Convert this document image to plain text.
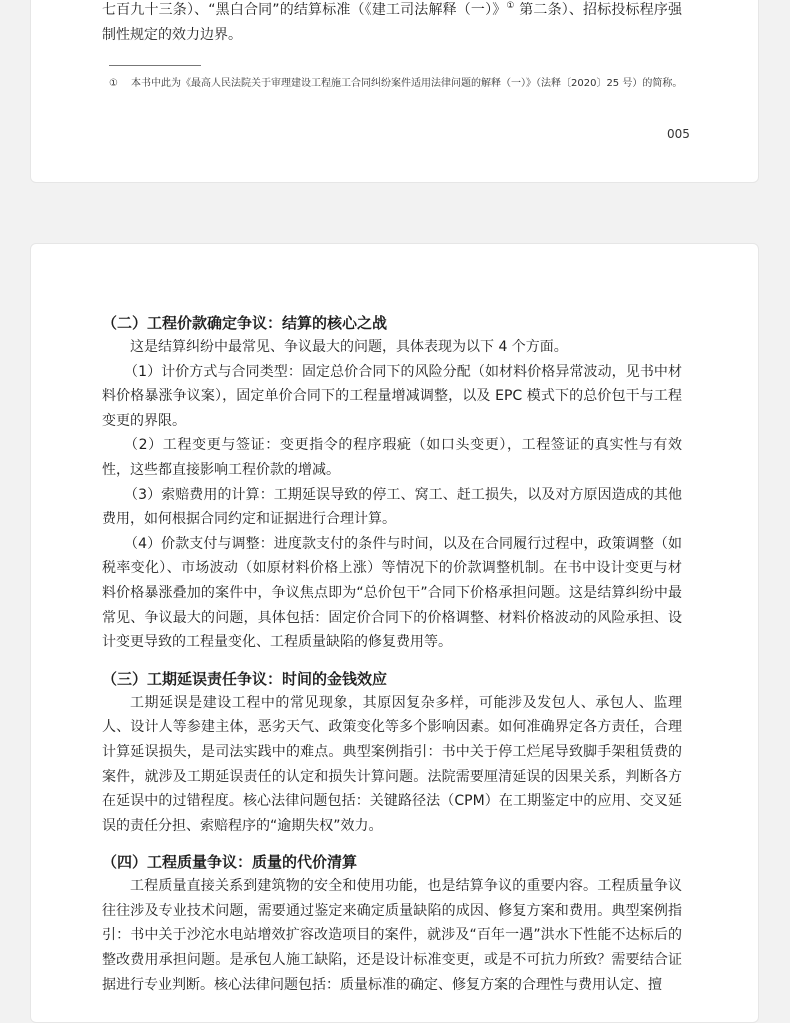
七百九十三条）、“黑白合同”的结算标准（《建工司法解释（一）》① 第二条）、招标投标程序强制性规定的效力边界。

① 本书中此为《最高人民法院关于审理建设工程施工合同纠纷案件适用法律问题的解释（一）》（法释〔2020〕25 号）的简称。
005
（二）工程价款确定争议：结算的核心之战

这是结算纠纷中最常见、争议最大的问题，具体表现为以下 4 个方面。

（1）计价方式与合同类型：固定总价合同下的风险分配（如材料价格异常波动，见书中材料价格暴涨争议案），固定单价合同下的工程量增减调整，以及 EPC 模式下的总价包干与工程变更的界限。

（2）工程变更与签证：变更指令的程序瑕疵（如口头变更），工程签证的真实性与有效性，这些都直接影响工程价款的增减。

（3）索赔费用的计算：工期延误导致的停工、窝工、赶工损失，以及对方原因造成的其他费用，如何根据合同约定和证据进行合理计算。

（4）价款支付与调整：进度款支付的条件与时间，以及在合同履行过程中，政策调整（如税率变化）、市场波动（如原材料价格上涨）等情况下的价款调整机制。在书中设计变更与材料价格暴涨叠加的案件中，争议焦点即为“总价包干”合同下价格承担问题。这是结算纠纷中最常见、争议最大的问题，具体包括：固定价合同下的价格调整、材料价格波动的风险承担、设计变更导致的工程量变化、工程质量缺陷的修复费用等。

（三）工期延误责任争议：时间的金钱效应

工期延误是建设工程中的常见现象，其原因复杂多样，可能涉及发包人、承包人、监理人、设计人等参建主体，恶劣天气、政策变化等多个影响因素。如何准确界定各方责任，合理计算延误损失，是司法实践中的难点。典型案例指引：书中关于停工烂尾导致脚手架租赁费的案件，就涉及工期延误责任的认定和损失计算问题。法院需要厘清延误的因果关系，判断各方在延误中的过错程度。核心法律问题包括：关键路径法（CPM）在工期鉴定中的应用、交叉延误的责任分担、索赔程序的“逾期失权”效力。

（四）工程质量争议：质量的代价清算

工程质量直接关系到建筑物的安全和使用功能，也是结算争议的重要内容。工程质量争议往往涉及专业技术问题，需要通过鉴定来确定质量缺陷的成因、修复方案和费用。典型案例指引：书中关于沙沱水电站增效扩容改造项目的案件，就涉及“百年一遇”洪水下性能不达标后的整改费用承担问题。是承包人施工缺陷，还是设计标准变更，或是不可抗力所致？需要结合证据进行专业判断。核心法律问题包括：质量标准的确定、修复方案的合理性与费用认定、擅
